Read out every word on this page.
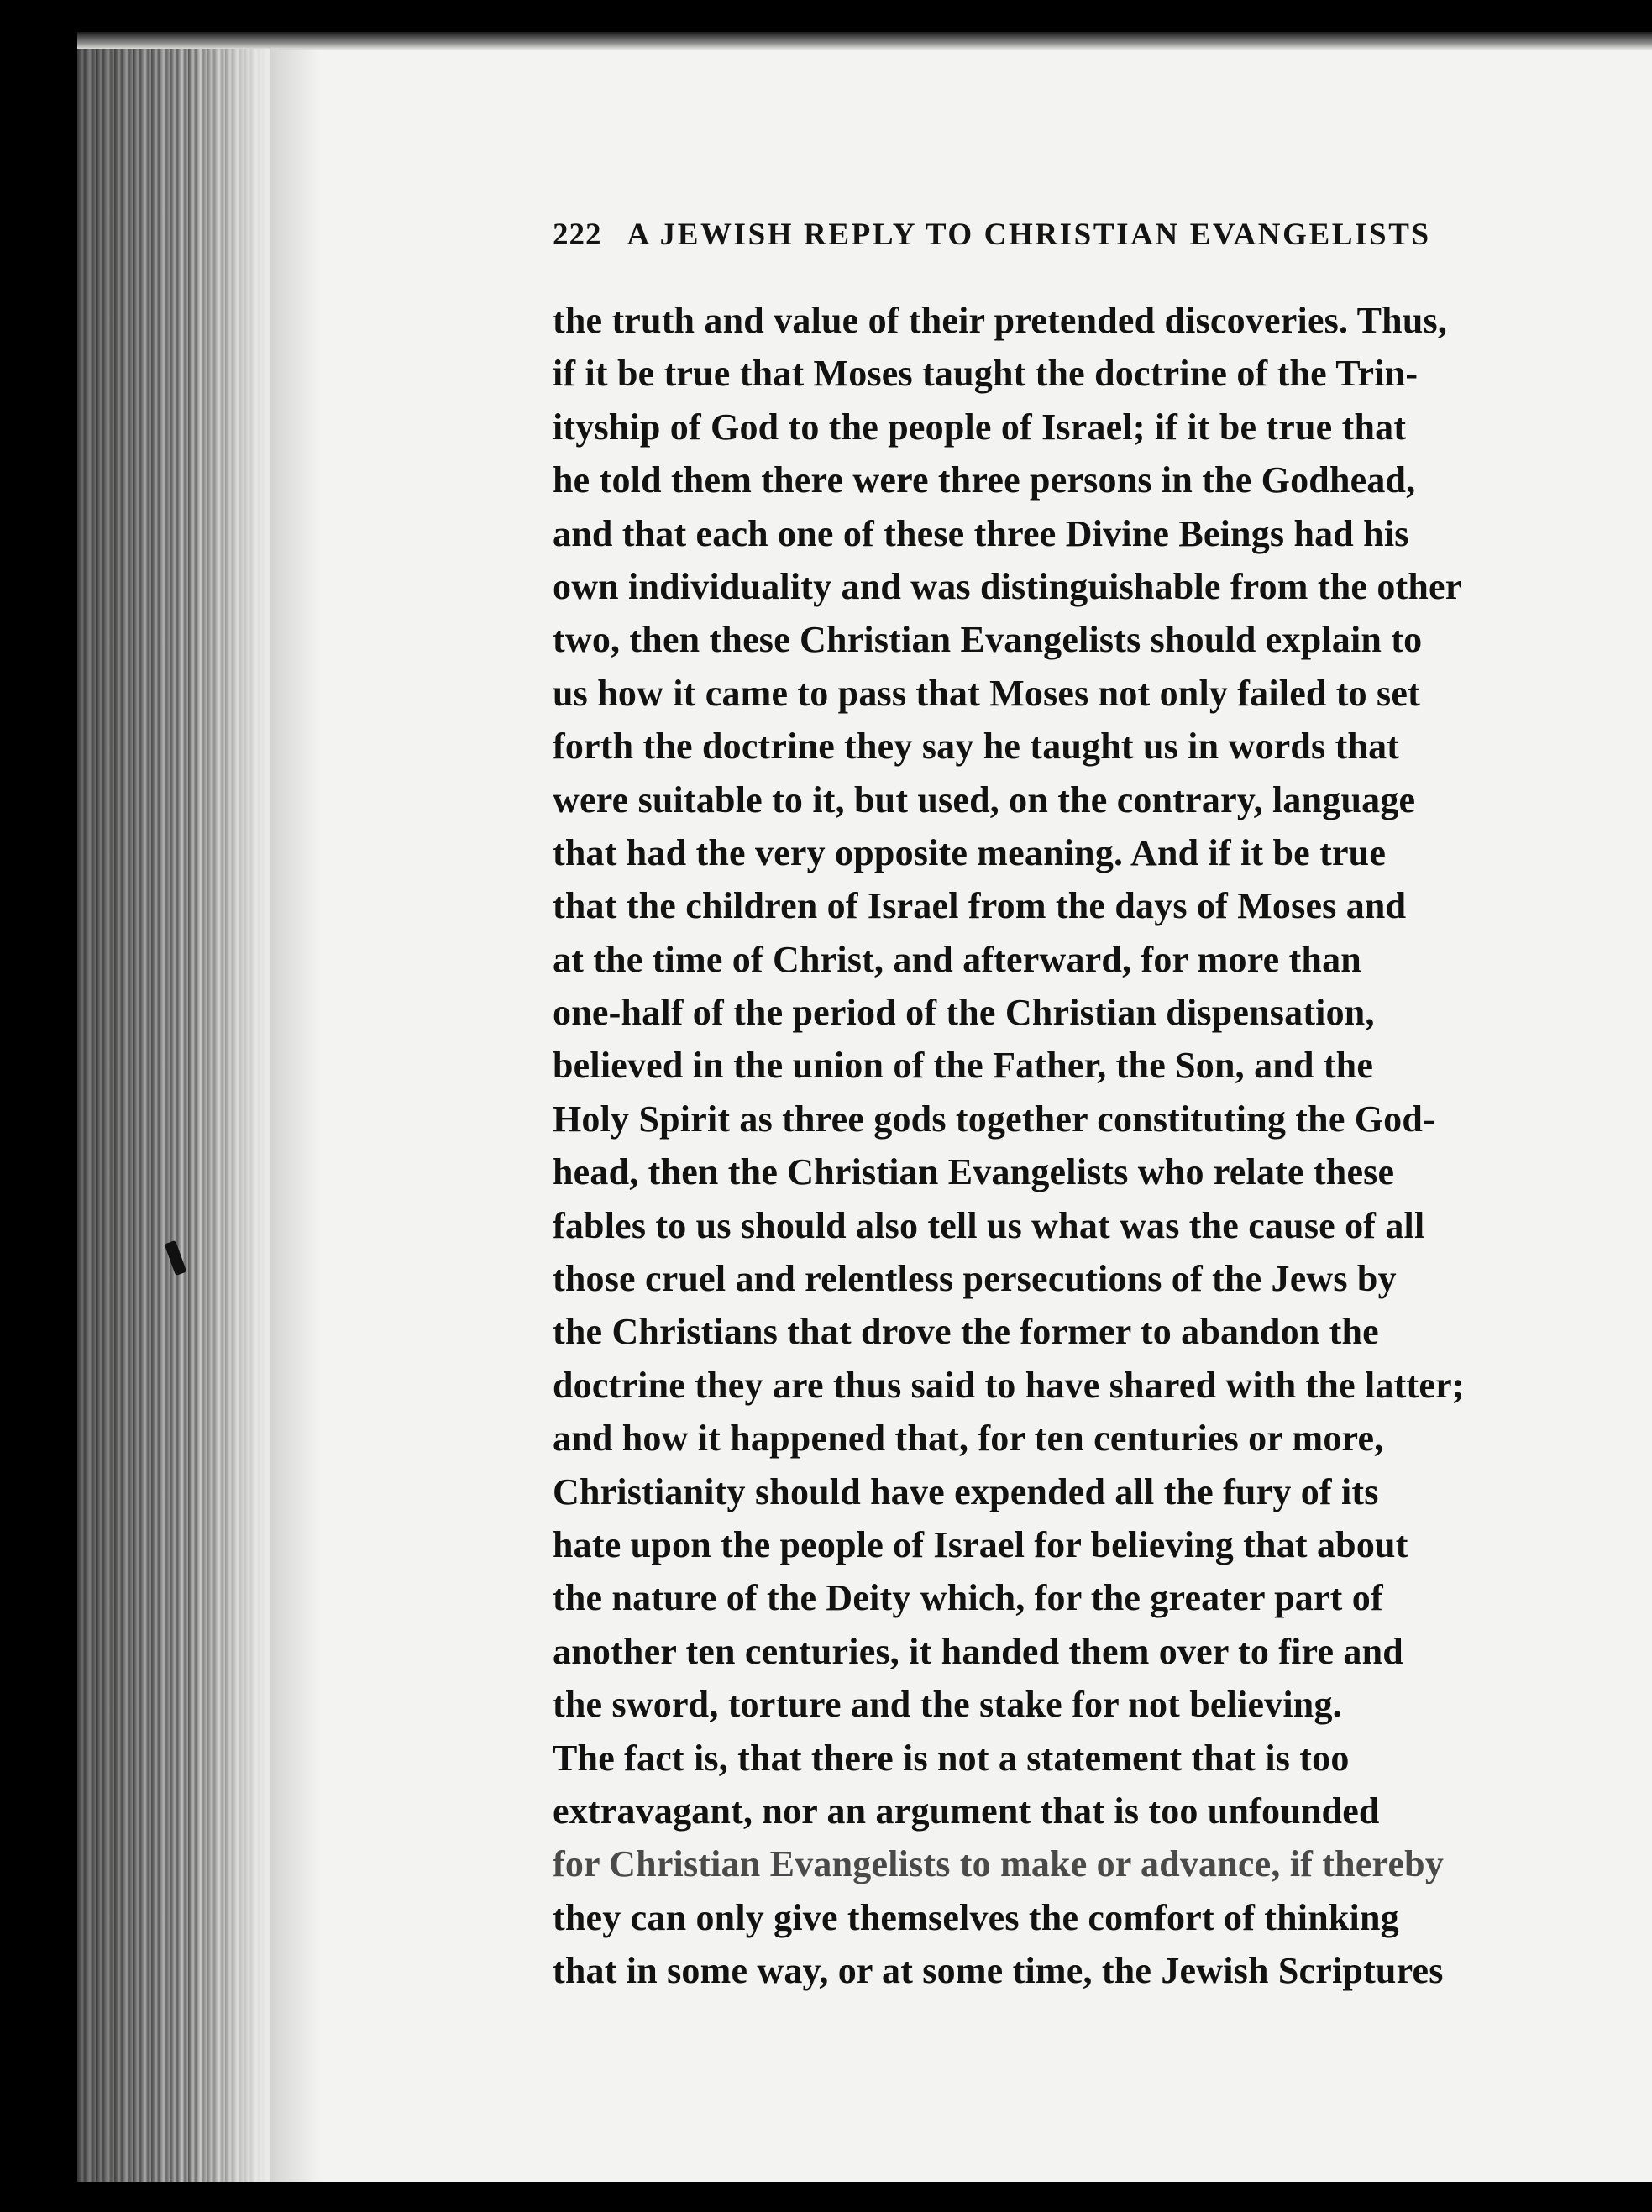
222 A JEWISH REPLY TO CHRISTIAN EVANGELISTS
the truth and value of their pretended discoveries. Thus,
if it be true that Moses taught the doctrine of the Trin-
ityship of God to the people of Israel; if it be true that
he told them there were three persons in the Godhead,
and that each one of these three Divine Beings had his
own individuality and was distinguishable from the other
two, then these Christian Evangelists should explain to
us how it came to pass that Moses not only failed to set
forth the doctrine they say he taught us in words that
were suitable to it, but used, on the contrary, language
that had the very opposite meaning. And if it be true
that the children of Israel from the days of Moses and
at the time of Christ, and afterward, for more than
one-half of the period of the Christian dispensation,
believed in the union of the Father, the Son, and the
Holy Spirit as three gods together constituting the God-
head, then the Christian Evangelists who relate these
fables to us should also tell us what was the cause of all
those cruel and relentless persecutions of the Jews by
the Christians that drove the former to abandon the
doctrine they are thus said to have shared with the latter;
and how it happened that, for ten centuries or more,
Christianity should have expended all the fury of its
hate upon the people of Israel for believing that about
the nature of the Deity which, for the greater part of
another ten centuries, it handed them over to fire and
the sword, torture and the stake for not believing.
The fact is, that there is not a statement that is too
extravagant, nor an argument that is too unfounded
for Christian Evangelists to make or advance, if thereby
they can only give themselves the comfort of thinking
that in some way, or at some time, the Jewish Scriptures
